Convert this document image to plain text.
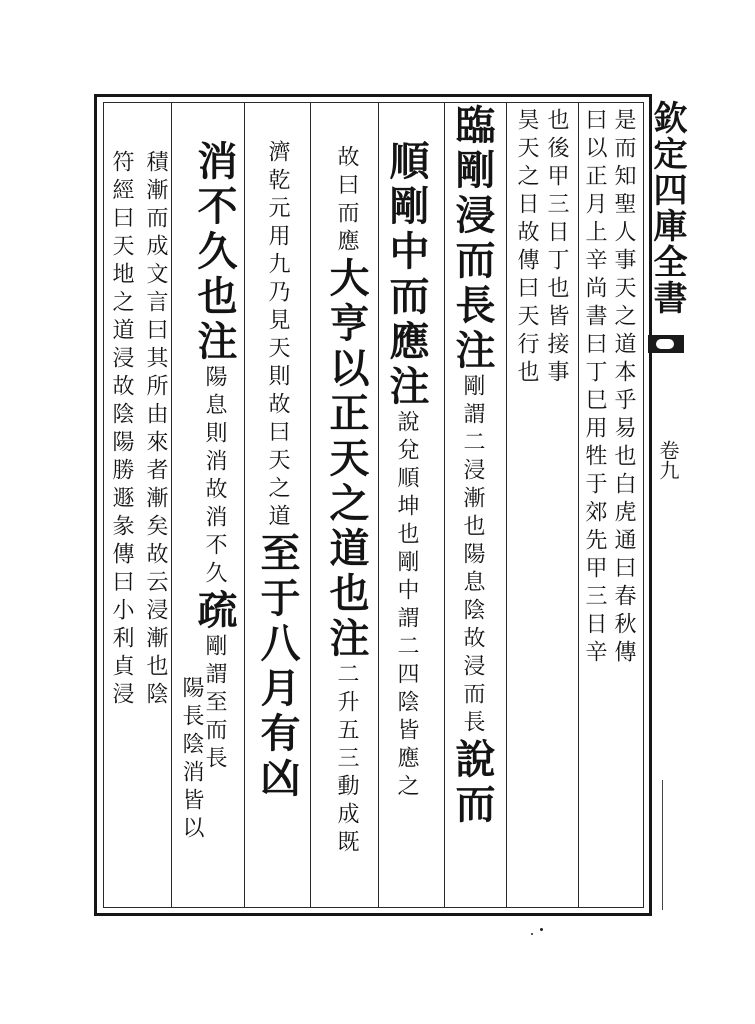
欽定四庫全書
卷九
是而知聖人事天之道本乎易也白虎通曰春秋傳
曰以正月上辛尚書曰丁巳用牲于郊先甲三日辛
也後甲三日丁也皆接事
昊天之日故傳曰天行也
臨剛浸而長注剛謂二浸漸也陽息陰故浸而長說而
順剛中而應注說兌順坤也剛中謂二四陰皆應之
故曰而應大亨以正天之道也注二升五三動成既
濟乾元用九乃見天則故曰天之道至于八月有凶
消不久也注陽息則消故消不久疏剛謂至而長
陽長陰消皆以
積漸而成文言曰其所由來者漸矣故云浸漸也陰
符經曰天地之道浸故陰陽勝遯彖傳曰小利貞浸
